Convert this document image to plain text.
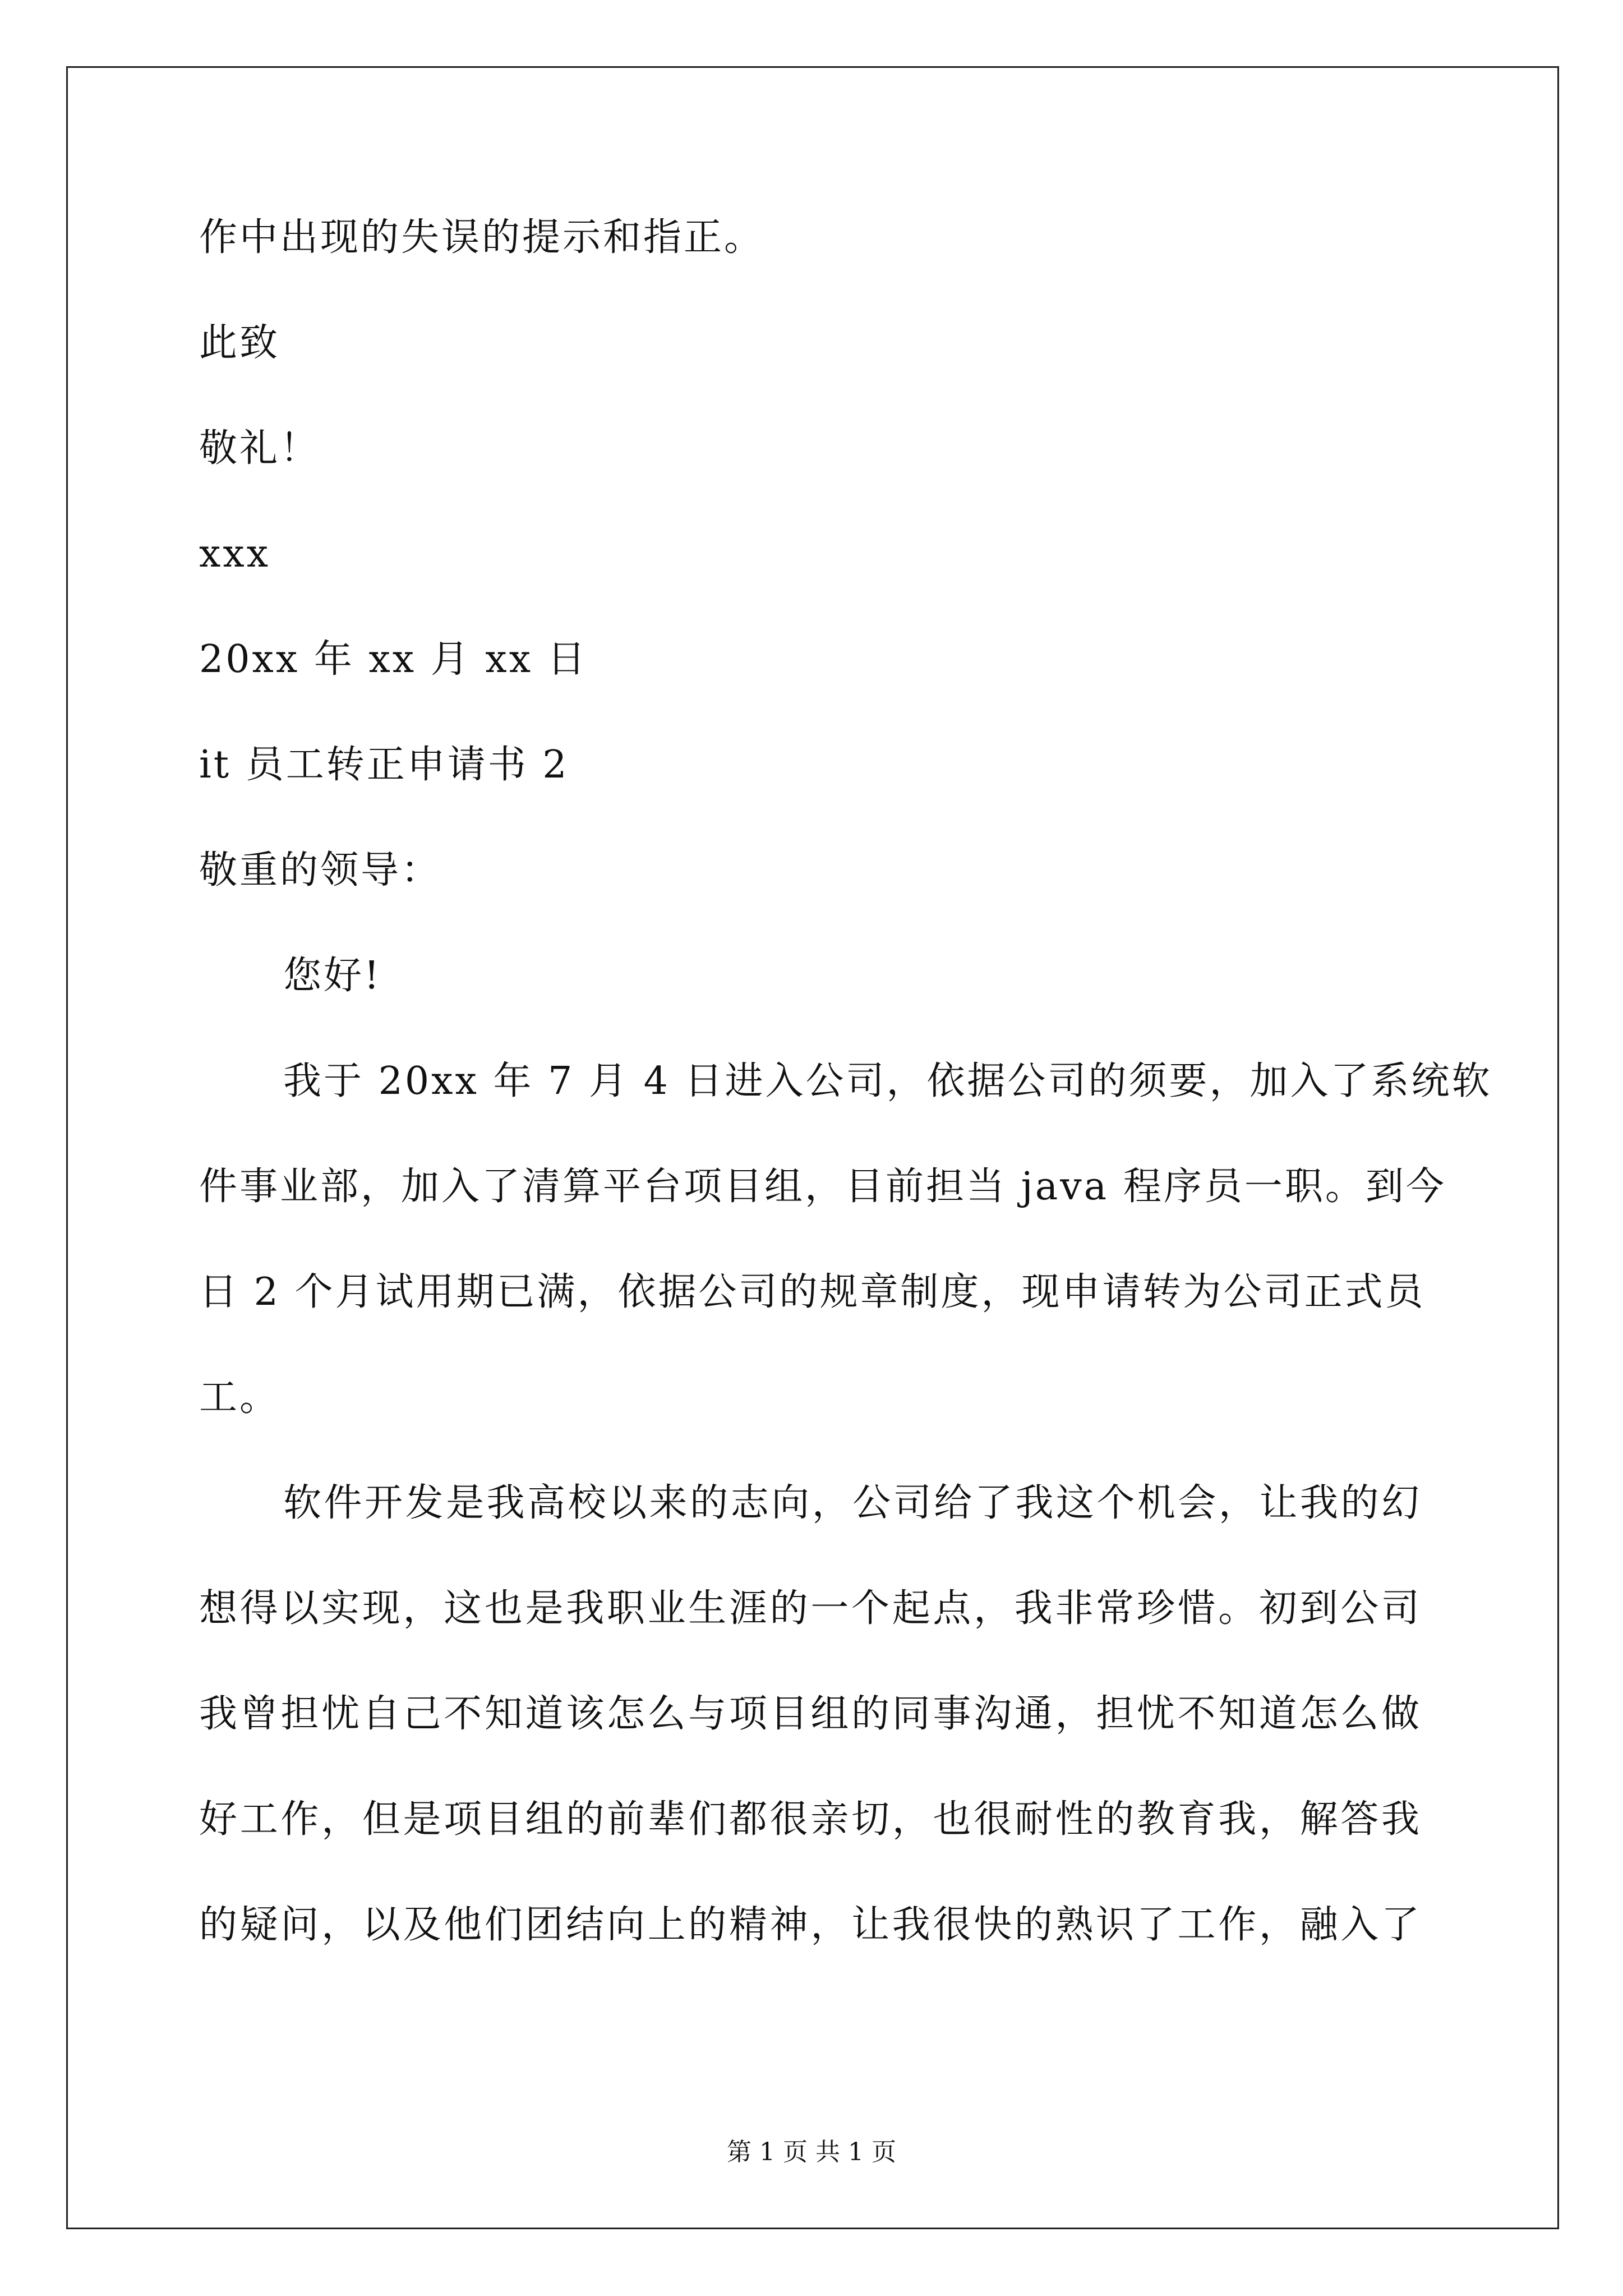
作中出现的失误的提示和指正。
此致
敬礼！
xxx
20xx 年 xx 月 xx 日
it 员工转正申请书 2
敬重的领导：
您好!
我于 20xx 年 7 月 4 日进入公司，依据公司的须要，加入了系统软
件事业部，加入了清算平台项目组，目前担当 java 程序员一职。到今
日 2 个月试用期已满，依据公司的规章制度，现申请转为公司正式员
工。
软件开发是我高校以来的志向，公司给了我这个机会，让我的幻
想得以实现，这也是我职业生涯的一个起点，我非常珍惜。初到公司
我曾担忧自己不知道该怎么与项目组的同事沟通，担忧不知道怎么做
好工作，但是项目组的前辈们都很亲切，也很耐性的教育我，解答我
的疑问，以及他们团结向上的精神，让我很快的熟识了工作，融入了
第 1 页 共 1 页
